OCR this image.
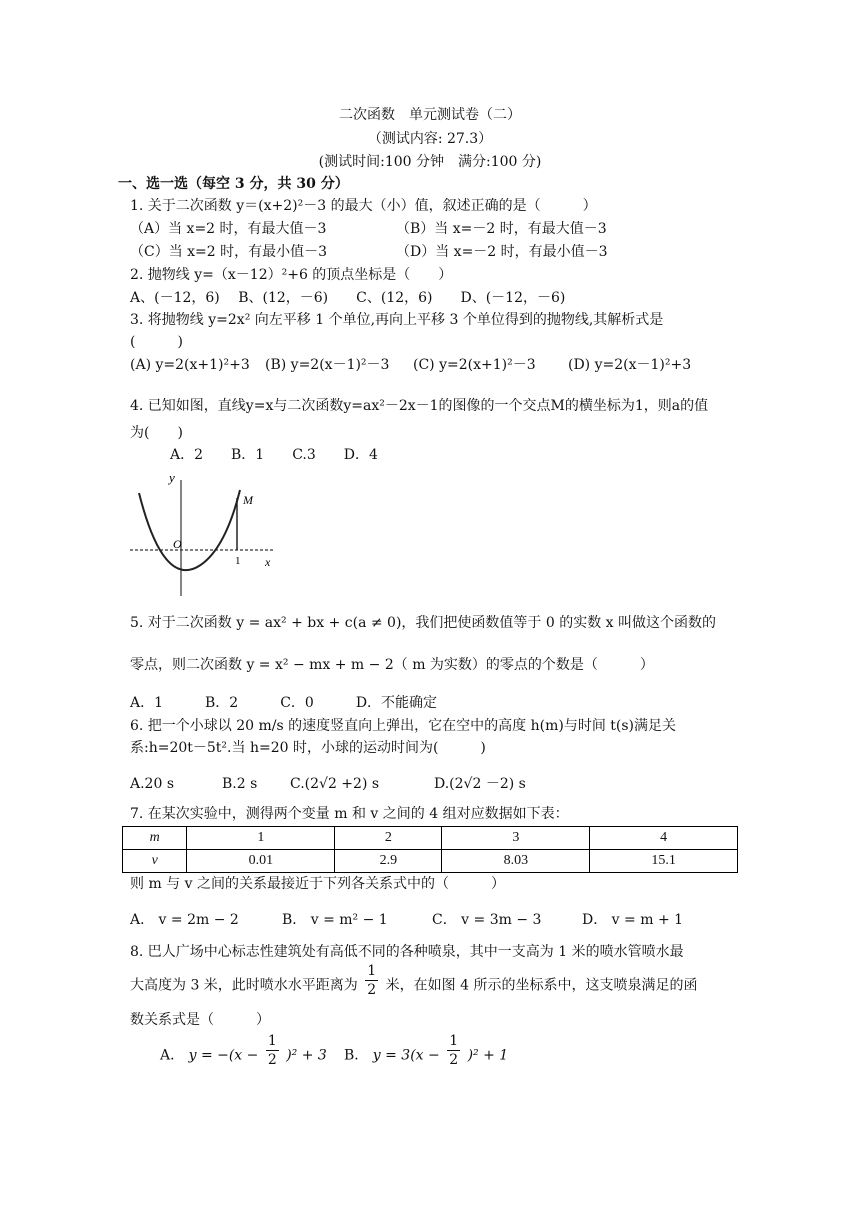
二次函数　单元测试卷（二）
（测试内容: 27.3）
(测试时间:100 分钟　满分:100 分)
一、选一选（每空 3 分，共 30 分）
1. 关于二次函数 y＝(x+2)²－3 的最大（小）值，叙述正确的是（　　　）
（A）当 x=2 时，有最大值－3	（B）当 x=－2 时，有最大值－3
（C）当 x=2 时，有最小值－3	（D）当 x=－2 时，有最小值－3
2. 抛物线 y=（x－12）²+6 的顶点坐标是（　　）
A、(－12，6)　 B、(12，－6)　　C、(12，6)　　D、(－12，－6)
3. 将抛物线 y=2x² 向左平移 1 个单位,再向上平移 3 个单位得到的抛物线,其解析式是
(　　　)
(A) y=2(x+1)²+3 (B) y=2(x－1)²－3 (C) y=2(x+1)²－3 (D) y=2(x－1)²+3
4. 已知如图，直线y=x与二次函数y=ax²－2x－1的图像的一个交点M的横坐标为1，则a的值
为(　　)
A．2　　B．1　　C.3　　D．4
y
M
O
1 x
5. 对于二次函数 y = ax² + bx + c(a ≠ 0)，我们把使函数值等于 0 的实数 x 叫做这个函数的
零点，则二次函数 y = x² − mx + m − 2（ m 为实数）的零点的个数是（　　　）
A．1　　　B．2　　　C．0　　　D．不能确定
6. 把一个小球以 20 m/s 的速度竖直向上弹出，它在空中的高度 h(m)与时间 t(s)满足关
系:h=20t－5t².当 h=20 时，小球的运动时间为(　　　)
A.20 s	B.2 s C.(2√2 +2) s	D.(2√2 －2) s
7. 在某次实验中，测得两个变量 m 和 v 之间的 4 组对应数据如下表：
m	1	2	3	4
v	0.01	2.9	8.03	15.1
则 m 与 v 之间的关系最接近于下列各关系式中的（　　　）
A． v = 2m − 2	B． v = m² − 1	C． v = 3m − 3	D． v = m + 1
8. 巴人广场中心标志性建筑处有高低不同的各种喷泉，其中一支高为 1 米的喷水管喷水最
大高度为 3 米，此时喷水水平距离为 $\frac{1}{2}$ 米，在如图 4 所示的坐标系中，这支喷泉满足的函
数关系式是（　　　）
A． $y = -(x - \frac{1}{2} )^2 + 3$ B． $y = 3(x - \frac{1}{2} )^2 + 1$
